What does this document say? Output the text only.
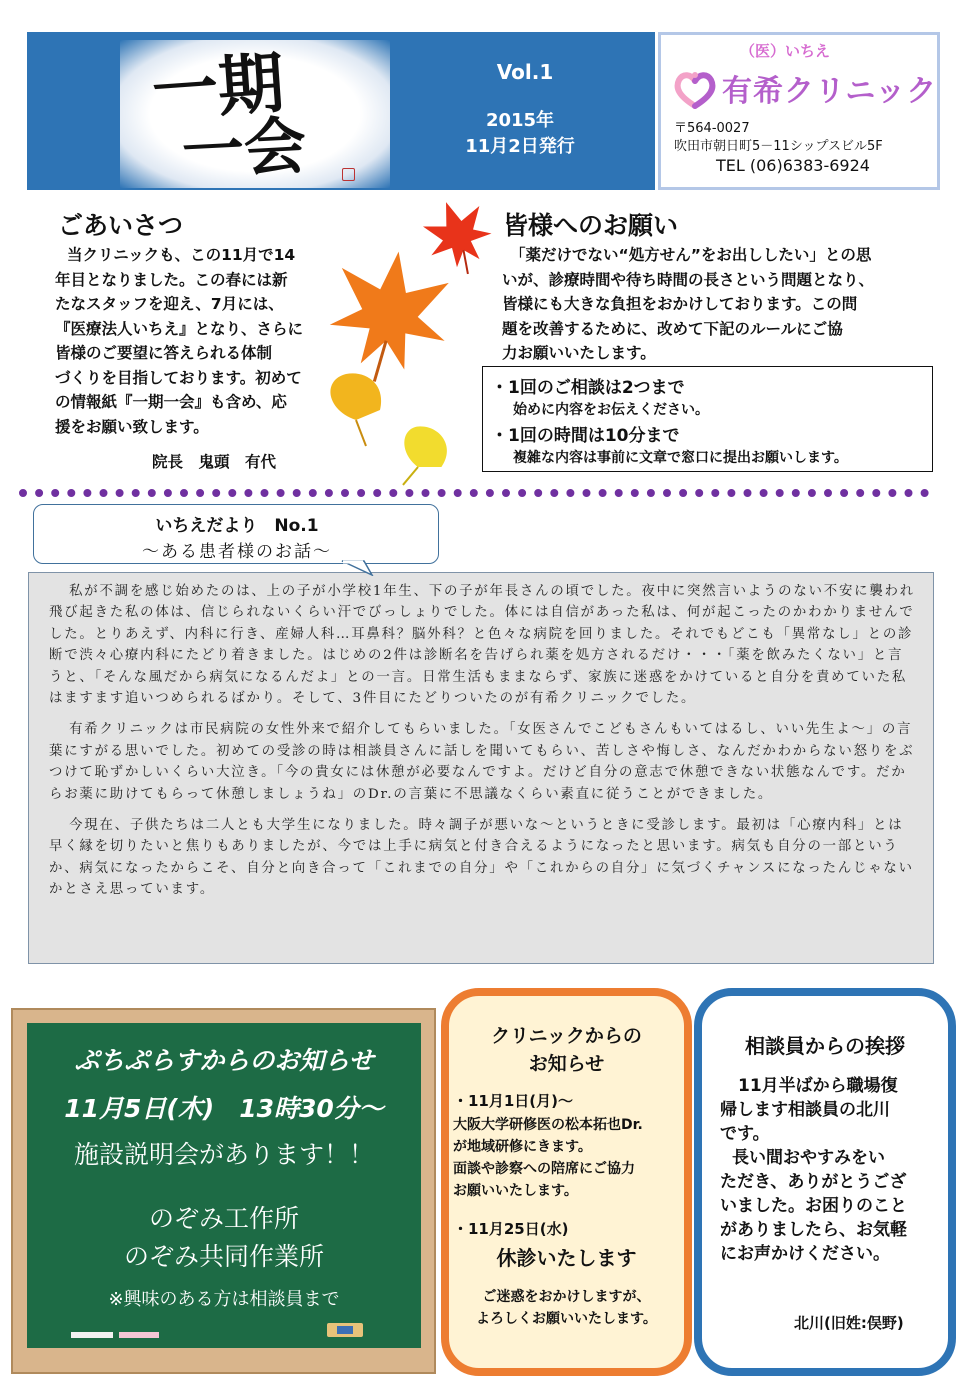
一期
一会
Vol.1
2015年
11月2日発行
（医）いちえ
有希クリニック
〒564-0027
吹田市朝日町5－11シップスビル5F
TEL (06)6383-6924
ごあいさつ
当クリニックも、この11月で14
年目となりました。この春には新
たなスタッフを迎え、7月には、
『医療法人いちえ』となり、さらに
皆様のご要望に答えられる体制
づくりを目指しております。初めて
の情報紙『一期一会』も含め、応
援をお願い致します。
院長　鬼頭　有代
皆様へのお願い
「薬だけでない“処方せん”をお出ししたい」との思
いが、診療時間や待ち時間の長さという問題となり、
皆様にも大きな負担をおかけしております。この問
題を改善するために、改めて下記のルールにご協
力お願いいたします。
・1回のご相談は2つまで
始めに内容をお伝えください。
・1回の時間は10分まで
複雑な内容は事前に文章で窓口に提出お願いします。

私が不調を感じ始めたのは、上の子が小学校1年生、下の子が年長さんの頃でした。夜中に突然言いようのない不安に襲われ飛び起きた私の体は、信じられないくらい汗でびっしょりでした。体には自信があった私は、何が起こったのかわかりませんでした。とりあえず、内科に行き、産婦人科…耳鼻科？脳外科？と色々な病院を回りました。それでもどこも「異常なし」との診断で渋々心療内科にたどり着きました。はじめの2件は診断名を告げられ薬を処方されるだけ・・・「薬を飲みたくない」と言うと、「そんな風だから病気になるんだよ」との一言。日常生活もままならず、家族に迷惑をかけていると自分を責めていた私はますます追いつめられるばかり。そして、3件目にたどりついたのが有希クリニックでした。

有希クリニックは市民病院の女性外来で紹介してもらいました。「女医さんでこどもさんもいてはるし、いい先生よ～」の言葉にすがる思いでした。初めての受診の時は相談員さんに話しを聞いてもらい、苦しさや悔しさ、なんだかわからない怒りをぶつけて恥ずかしいくらい大泣き。「今の貴女には休憩が必要なんですよ。だけど自分の意志で休憩できない状態なんです。だからお薬に助けてもらって休憩しましょうね」のDr.の言葉に不思議なくらい素直に従うことができました。

今現在、子供たちは二人とも大学生になりました。時々調子が悪いな～というときに受診します。最初は「心療内科」とは早く縁を切りたいと焦りもありましたが、今では上手に病気と付き合えるようになったと思います。病気も自分の一部というか、病気になったからこそ、自分と向き合って「これまでの自分」や「これからの自分」に気づくチャンスになったんじゃないかとさえ思っています。

いちえだより　No.1
～ある患者様のお話～
ぷちぷらすからのお知らせ
11月5日(木)　13時30分～
施設説明会があります！！
のぞみ工作所
のぞみ共同作業所
※興味のある方は相談員まで
クリニックからの
お知らせ
・11月1日(月)～
大阪大学研修医の松本拓也Dr.
が地域研修にきます。
面談や診察への陪席にご協力
お願いいたします。
・11月25日(水)
休診いたします
ご迷惑をおかけしますが、
よろしくお願いいたします。
相談員からの挨拶
11月半ばから職場復
帰します相談員の北川
です。
長い間おやすみをい
ただき、ありがとうござ
いました。お困りのこと
がありましたら、お気軽
にお声かけください。
北川(旧姓:俣野)
